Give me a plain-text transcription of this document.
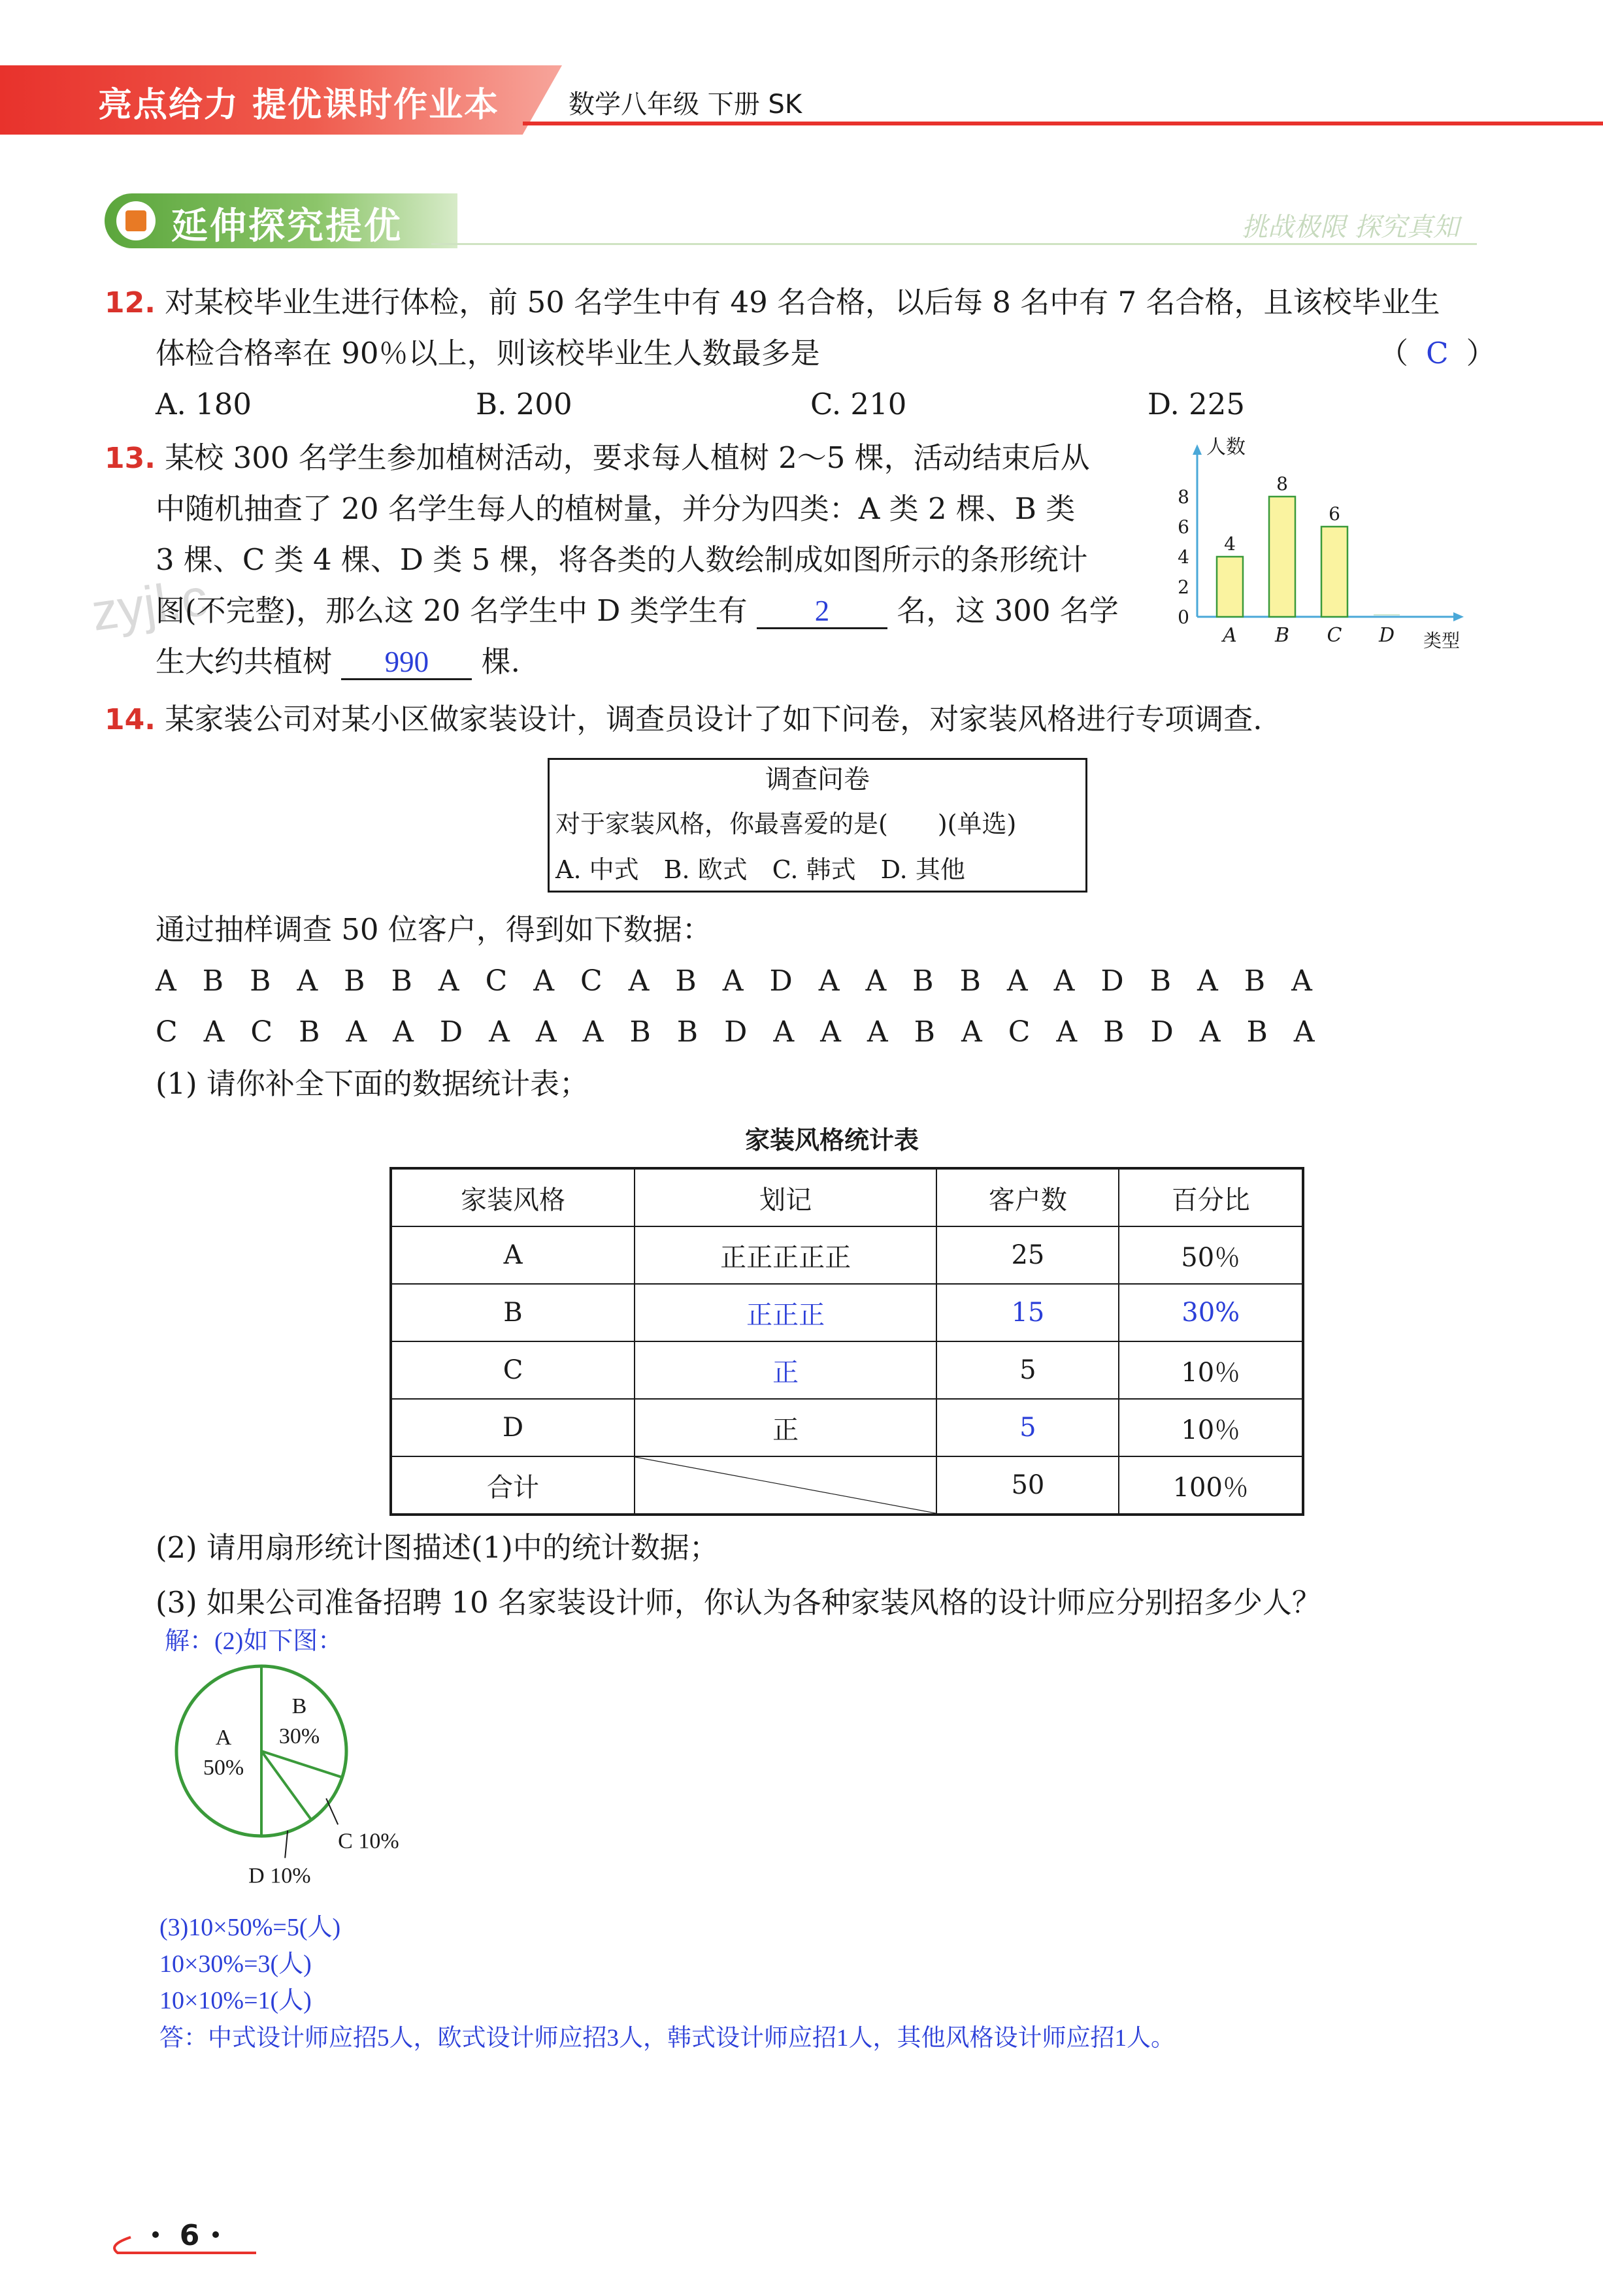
亮点给力 提优课时作业本	数学八年级 下册 SK
延伸探究提优	挑战极限 探究真知
zyjl.c
12. 对某校毕业生进行体检，前 50 名学生中有 49 名合格，以后每 8 名中有 7 名合格，且该校毕业生
体检合格率在 90％以上，则该校毕业生人数最多是	（ C ）
A. 180	B. 200	C. 210	D. 225
13. 某校 300 名学生参加植树活动，要求每人植树 2～5 棵，活动结束后从
中随机抽查了 20 名学生每人的植树量，并分为四类：A 类 2 棵、B 类
3 棵、C 类 4 棵、D 类 5 棵，将各类的人数绘制成如图所示的条形统计
图(不完整)，那么这 20 名学生中 D 类学生有 2 名，这 300 名学
生大约共植树 990 棵.
人数
类型
0
2
4
6
8
4
A
8
B
6
C D
14. 某家装公司对某小区做家装设计，调查员设计了如下问卷，对家装风格进行专项调查.
调查问卷
对于家装风格，你最喜爱的是(　　)(单选)
A. 中式　B. 欧式　C. 韩式　D. 其他
通过抽样调查 50 位客户，得到如下数据：
A B B A B B A C A C A B A D A A B B A A D B A B A
C A C B A A D A A A B B D A A A B A C A B D A B A
(1) 请你补全下面的数据统计表；
家装风格统计表
家装风格	划记	客户数	百分比
A	正正正正正	25	50％
B	正正正	15	30%
C	正	5	10％
D	正	5	10％
合计		50	100％
(2) 请用扇形统计图描述(1)中的统计数据；
(3) 如果公司准备招聘 10 名家装设计师，你认为各种家装风格的设计师应分别招多少人？
解：(2)如下图：
A
50%
B
30%
C 10%
D 10%
(3)10×50%=5(人)
10×30%=3(人)
10×10%=1(人)
答：中式设计师应招5人，欧式设计师应招3人，韩式设计师应招1人，其他风格设计师应招1人。
6
